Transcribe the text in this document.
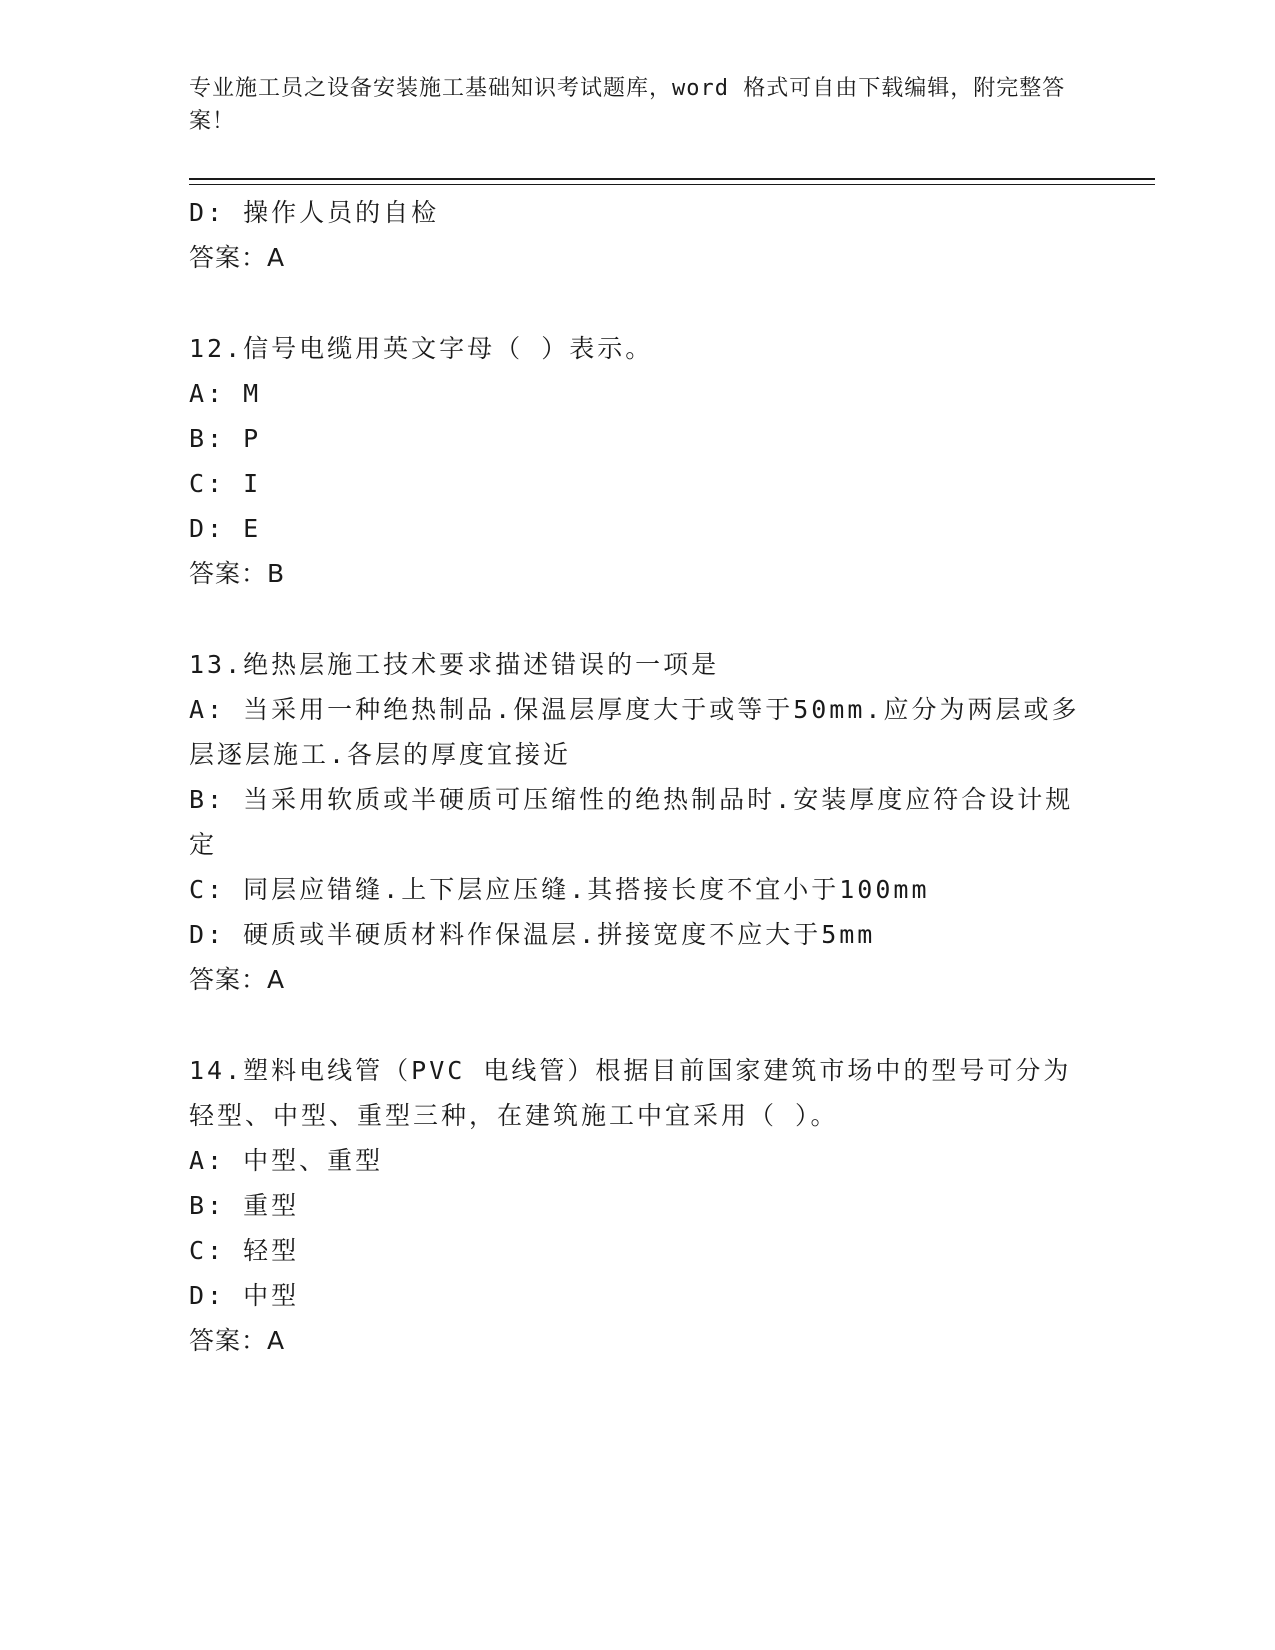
专业施工员之设备安装施工基础知识考试题库，word 格式可自由下载编辑，附完整答案！
D: 操作人员的自检
答案：A
12.信号电缆用英文字母（ ）表示。
A: M
B: P
C: I
D: E
答案：B
13.绝热层施工技术要求描述错误的一项是
A: 当采用一种绝热制品.保温层厚度大于或等于50mm.应分为两层或多层逐层施工.各层的厚度宜接近
B: 当采用软质或半硬质可压缩性的绝热制品时.安装厚度应符合设计规定
C: 同层应错缝.上下层应压缝.其搭接长度不宜小于100mm
D: 硬质或半硬质材料作保温层.拼接宽度不应大于5mm
答案：A
14.塑料电线管（PVC 电线管）根据目前国家建筑市场中的型号可分为轻型、中型、重型三种，在建筑施工中宜采用（ ）。
A: 中型、重型
B: 重型
C: 轻型
D: 中型
答案：A
